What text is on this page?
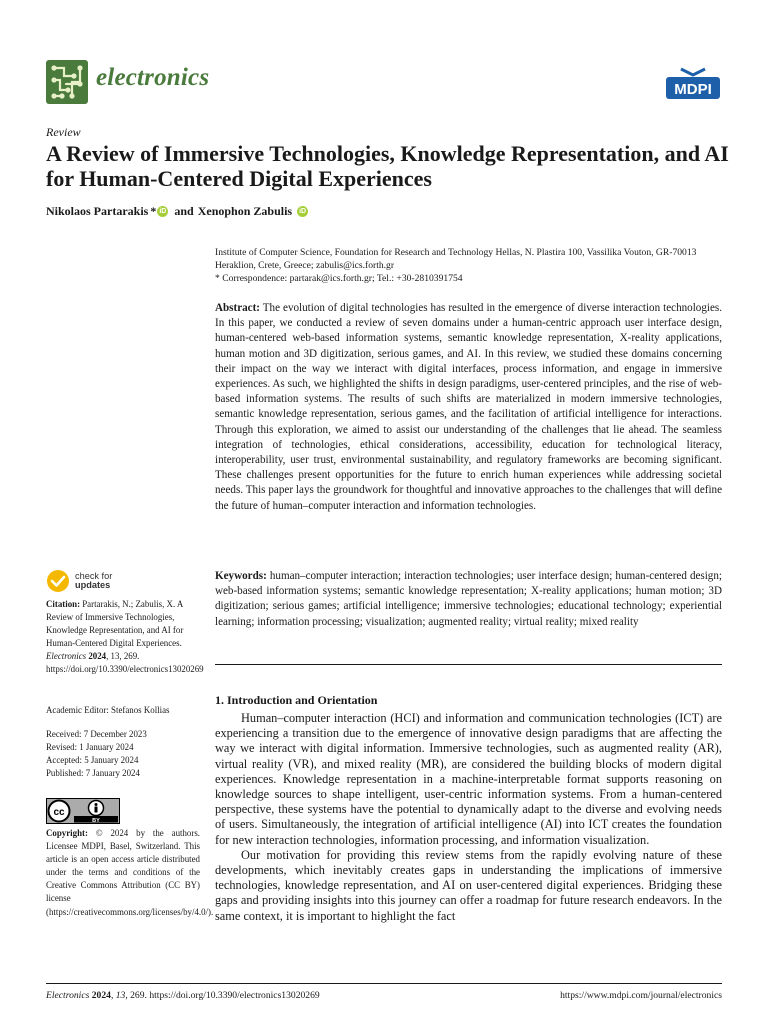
electronics	MDPI
Review
A Review of Immersive Technologies, Knowledge Representation, and AI for Human-Centered Digital Experiences
Nikolaos Partarakis * iD and Xenophon Zabulis iD
Institute of Computer Science, Foundation for Research and Technology Hellas, N. Plastira 100, Vassilika Vouton, GR-70013 Heraklion, Crete, Greece; zabulis@ics.forth.gr
* Correspondence: partarak@ics.forth.gr; Tel.: +30-2810391754
Abstract: The evolution of digital technologies has resulted in the emergence of diverse interaction technologies. In this paper, we conducted a review of seven domains under a human-centric approach user interface design, human-centered web-based information systems, semantic knowledge representation, X-reality applications, human motion and 3D digitization, serious games, and AI. In this review, we studied these domains concerning their impact on the way we interact with digital interfaces, process information, and engage in immersive experiences. As such, we highlighted the shifts in design paradigms, user-centered principles, and the rise of web-based information systems. The results of such shifts are materialized in modern immersive technologies, semantic knowledge representation, serious games, and the facilitation of artificial intelligence for interactions. Through this exploration, we aimed to assist our understanding of the challenges that lie ahead. The seamless integration of technologies, ethical considerations, accessibility, education for technological literacy, interoperability, user trust, environmental sustainability, and regulatory frameworks are becoming significant. These challenges present opportunities for the future to enrich human experiences while addressing societal needs. This paper lays the groundwork for thoughtful and innovative approaches to the challenges that will define the future of human–computer interaction and information technologies.
Keywords: human–computer interaction; interaction technologies; user interface design; human-centered design; web-based information systems; semantic knowledge representation; X-reality applications; human motion; 3D digitization; serious games; artificial intelligence; immersive technologies; educational technology; experiential learning; information processing; visualization; augmented reality; virtual reality; mixed reality
1. Introduction and Orientation

Human–computer interaction (HCI) and information and communication technologies (ICT) are experiencing a transition due to the emergence of innovative design paradigms that are affecting the way we interact with digital information. Immersive technologies, such as augmented reality (AR), virtual reality (VR), and mixed reality (MR), are considered the building blocks of modern digital experiences. Knowledge representation in a machine-interpretable format supports reasoning on knowledge sources to shape intelligent, user-centric information systems. From a human-centered perspective, these systems have the potential to dynamically adapt to the diverse and evolving needs of users. Simultaneously, the integration of artificial intelligence (AI) into ICT creates the foundation for new interaction technologies, information processing, and information visualization.

Our motivation for providing this review stems from the rapidly evolving nature of these developments, which inevitably creates gaps in understanding the implications of immersive technologies, knowledge representation, and AI on user-centered digital experiences. Bridging these gaps and providing insights into this journey can offer a roadmap for future research endeavors. In the same context, it is important to highlight the fact

check for
updates
Citation: Partarakis, N.; Zabulis, X. A Review of Immersive Technologies, Knowledge Representation, and AI for Human-Centered Digital Experiences. Electronics 2024, 13, 269. https://doi.org/10.3390/electronics13020269
Academic Editor: Stefanos Kollias
Received: 7 December 2023
Revised: 1 January 2024
Accepted: 5 January 2024
Published: 7 January 2024
cc
BY
Copyright: © 2024 by the authors. Licensee MDPI, Basel, Switzerland. This article is an open access article distributed under the terms and conditions of the Creative Commons Attribution (CC BY) license (https://creativecommons.org/licenses/by/4.0/).
Electronics 2024, 13, 269. https://doi.org/10.3390/electronics13020269	https://www.mdpi.com/journal/electronics
